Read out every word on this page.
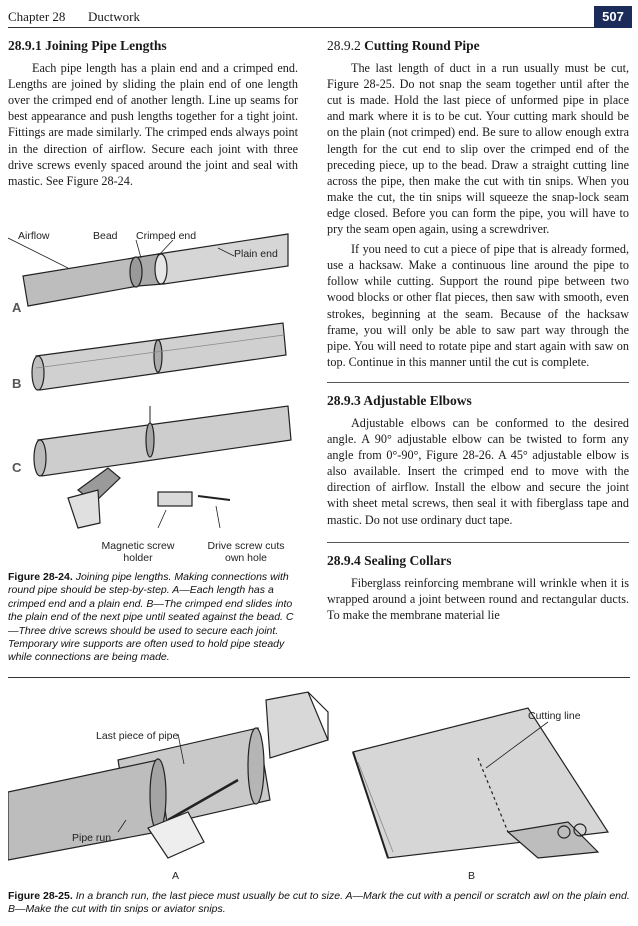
Chapter 28 Ductwork	507
28.9.1 Joining Pipe Lengths

Each pipe length has a plain end and a crimped end. Lengths are joined by sliding the plain end of one length over the crimped end of another length. Line up seams for best appearance and push lengths together for a tight joint. Fittings are made similarly. The crimped ends always point in the direction of airflow. Secure each joint with three drive screws evenly spaced around the joint and seal with mastic. See Figure 28-24.

Airflow	Bead Crimped end
Plain end
A
B
C
Magnetic screw
holder
Drive screw cuts
own hole
Figure 28-24. Joining pipe lengths. Making connections with round pipe should be step-by-step. A—Each length has a crimped end and a plain end. B—The crimped end slides into the plain end of the next pipe until seated against the bead. C—Three drive screws should be used to secure each joint. Temporary wire supports are often used to hold pipe steady while connections are being made.
28.9.2 Cutting Round Pipe

The last length of duct in a run usually must be cut, Figure 28-25. Do not snap the seam together until after the cut is made. Hold the last piece of unformed pipe in place and mark where it is to be cut. Your cutting mark should be on the plain (not crimped) end. Be sure to allow enough extra length for the cut end to slip over the crimped end of the preceding piece, up to the bead. Draw a straight cutting line across the pipe, then make the cut with tin snips. When you make the cut, the tin snips will squeeze the snap-lock seam edge closed. Before you can form the pipe, you will have to pry the seam open again, using a screwdriver.

If you need to cut a piece of pipe that is already formed, use a hacksaw. Make a continuous line around the pipe to follow while cutting. Support the round pipe between two wood blocks or other flat pieces, then saw with smooth, even strokes, beginning at the seam. Because of the hacksaw frame, you will only be able to saw part way through the pipe. You will need to rotate pipe and start again with saw on top. Continue in this manner until the cut is complete.

28.9.3 Adjustable Elbows

Adjustable elbows can be conformed to the desired angle. A 90° adjustable elbow can be twisted to form any angle from 0°-90°, Figure 28-26. A 45° adjustable elbow is also available. Insert the crimped end to move with the direction of airflow. Install the elbow and secure the joint with sheet metal screws, then seal it with fiberglass tape and mastic. Do not use ordinary duct tape.

28.9.4 Sealing Collars

Fiberglass reinforcing membrane will wrinkle when it is wrapped around a joint between round and rectangular ducts. To make the membrane material lie

Last piece of pipe
Pipe run
Cutting line
A	B
Figure 28-25. In a branch run, the last piece must usually be cut to size. A—Mark the cut with a pencil or scratch awl on the plain end. B—Make the cut with tin snips or aviator snips.
